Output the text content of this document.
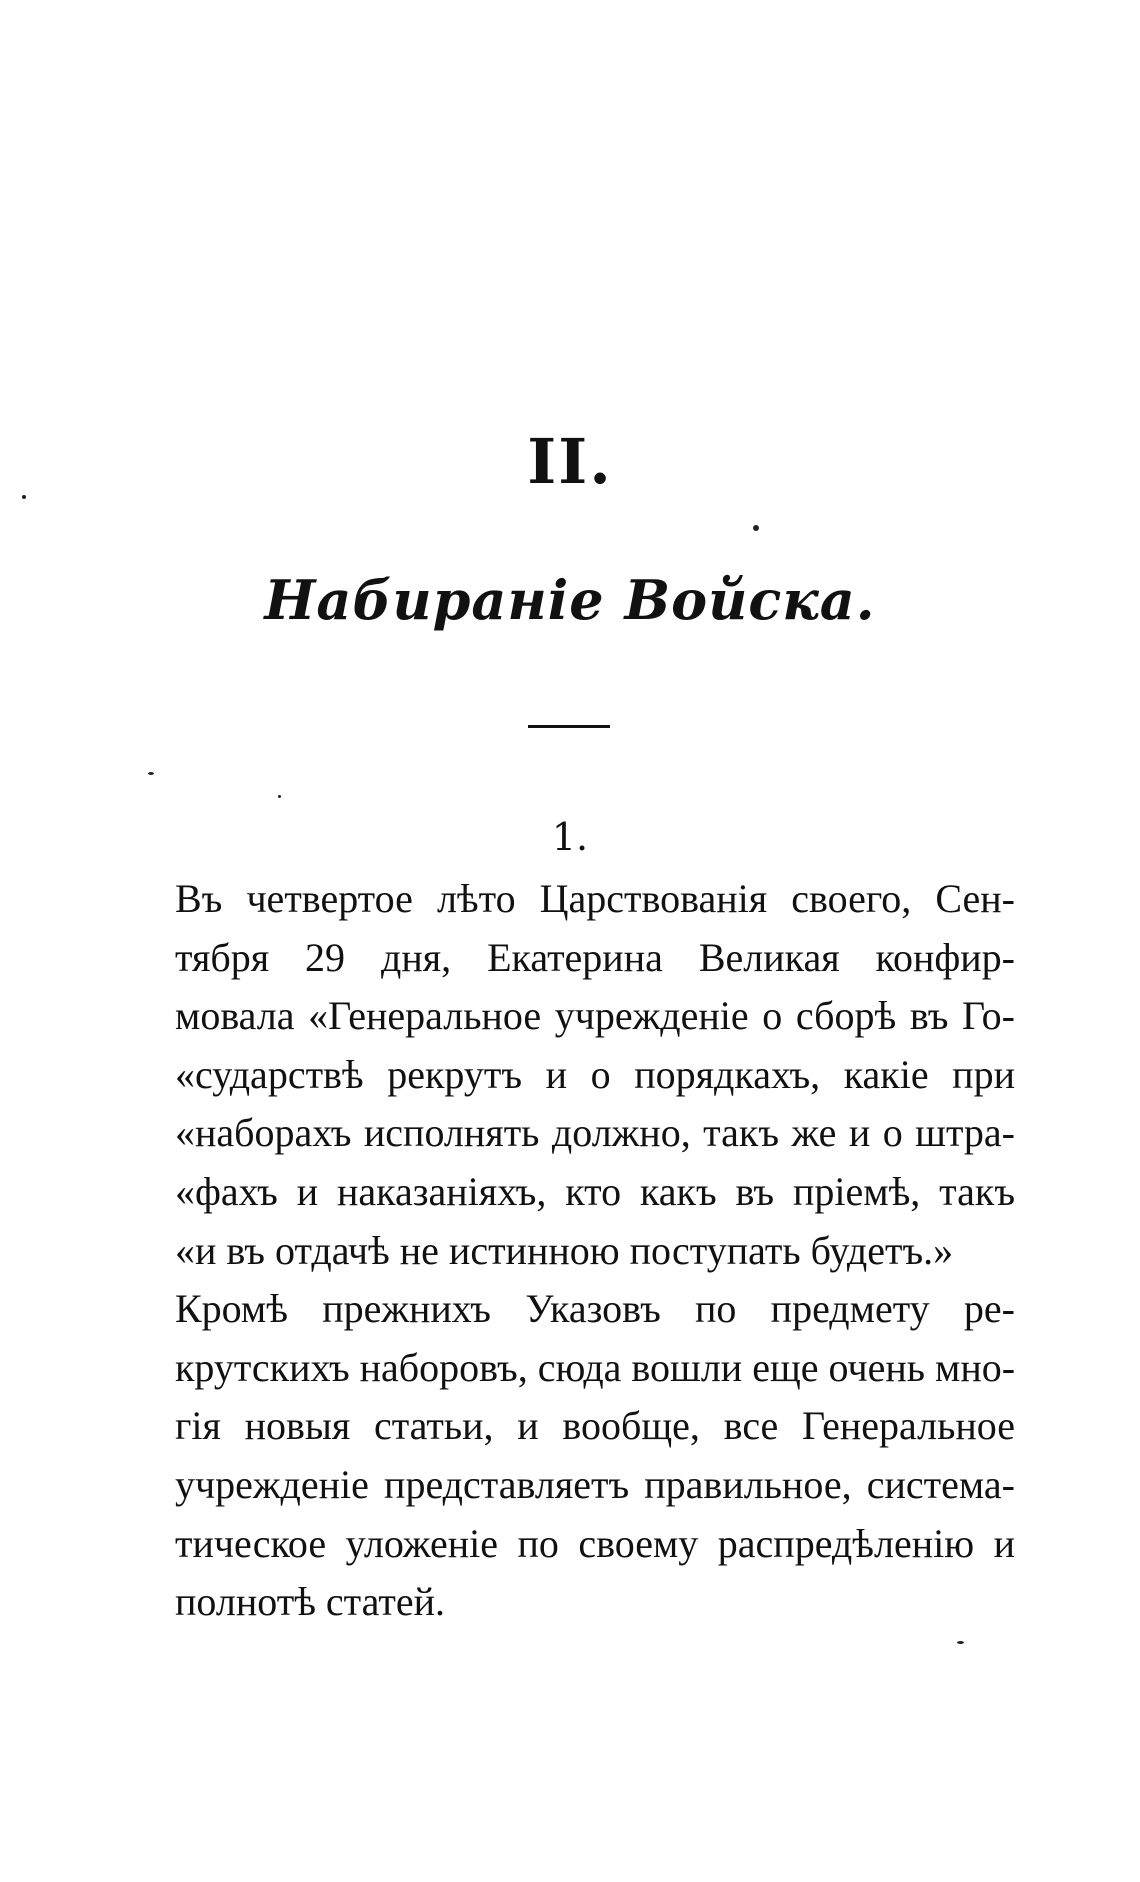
II.
Набираніе Войска.
1.
Въ четвертое лѣто Царствованія своего, Сен-
тября 29 дня, Екатерина Великая конфир-
мовала «Генеральное учрежденіе о сборѣ въ Го-
«сударствѣ рекрутъ и о порядкахъ, какіе при
«наборахъ исполнять должно, такъ же и о штра-
«фахъ и наказаніяхъ, кто какъ въ пріемѣ, такъ
«и въ отдачѣ не истинною поступать будетъ.»
Кромѣ прежнихъ Указовъ по предмету ре-
крутскихъ наборовъ, сюда вошли еще очень мно-
гія новыя статьи, и вообще, все Генеральное
учрежденіе представляетъ правильное, система-
тическое уложеніе по своему распредѣленію и
полнотѣ статей.
